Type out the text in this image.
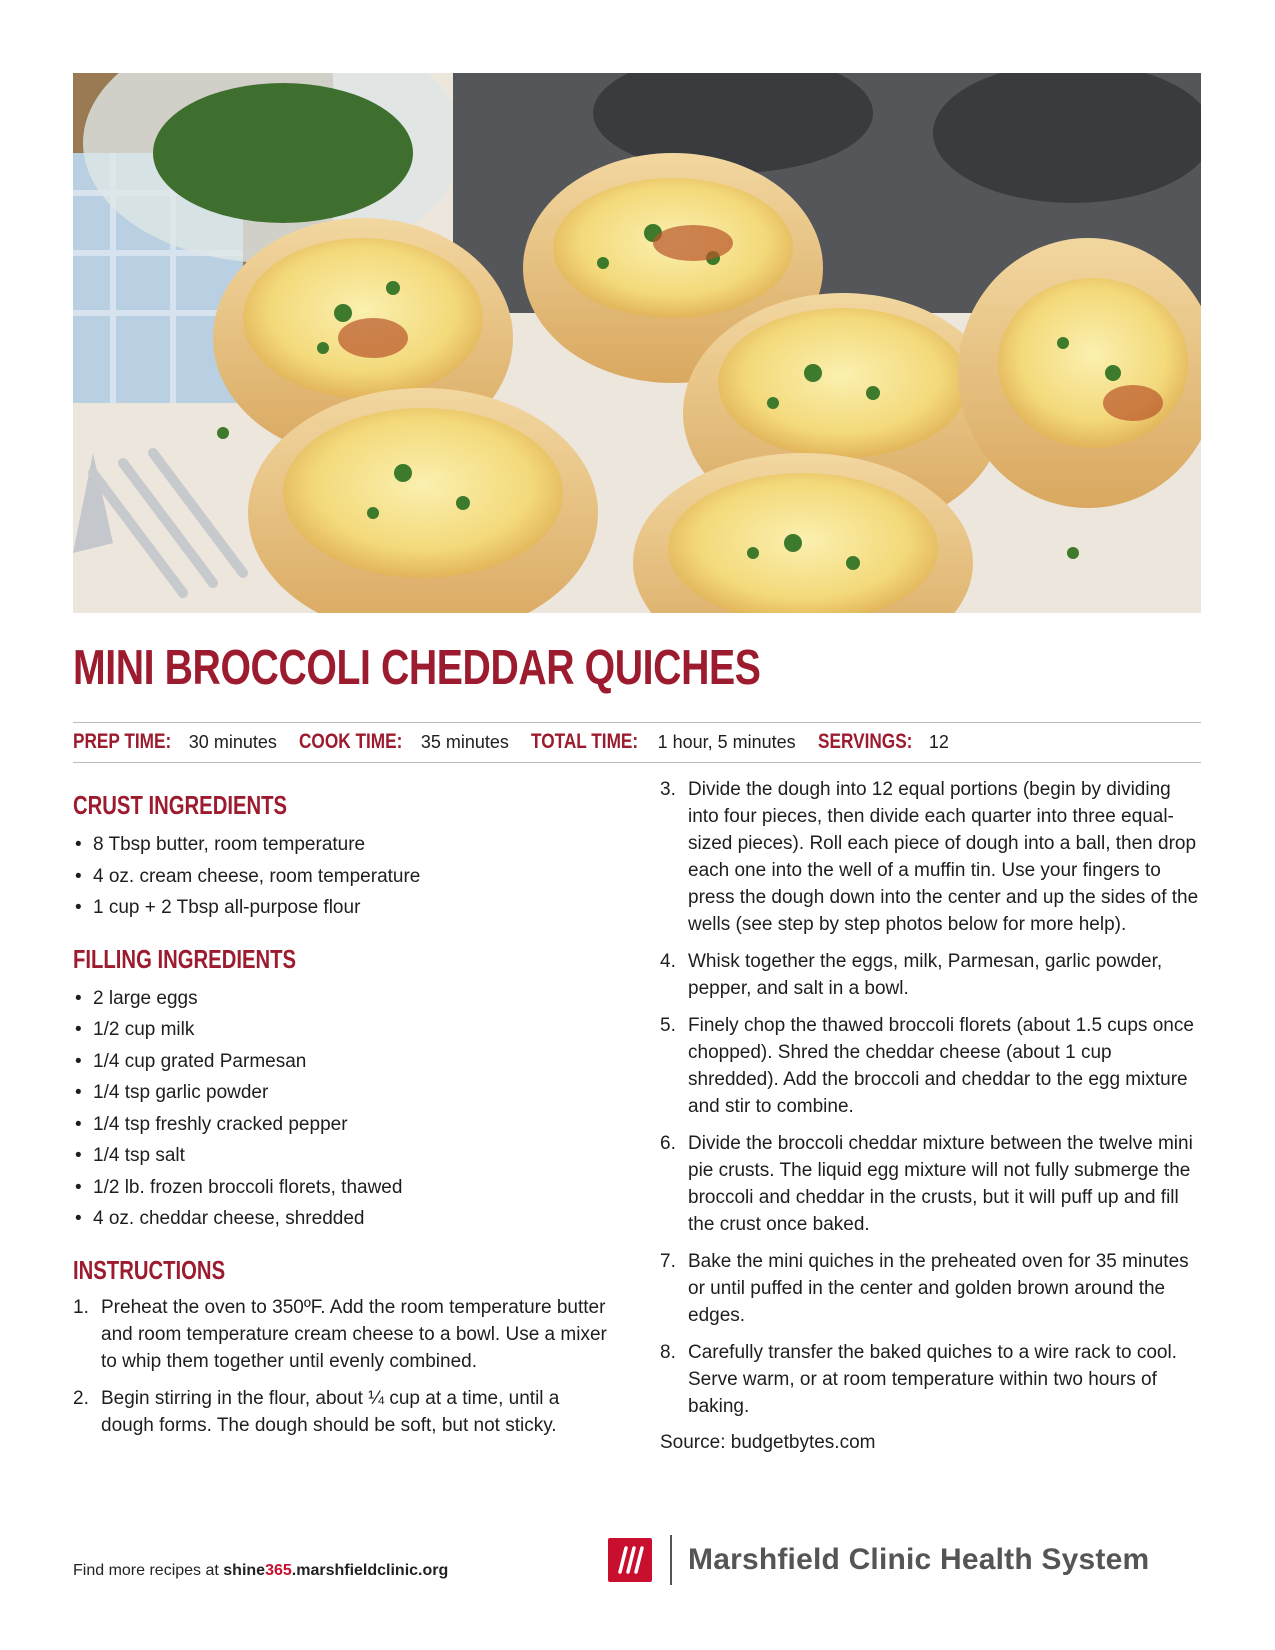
MINI BROCCOLI CHEDDAR QUICHES
PREP TIME: 30 minutes COOK TIME: 35 minutes TOTAL TIME: 1 hour, 5 minutes SERVINGS: 12
CRUST INGREDIENTS
• 8 Tbsp butter, room temperature
• 4 oz. cream cheese, room temperature
• 1 cup + 2 Tbsp all-purpose flour
FILLING INGREDIENTS
• 2 large eggs
• 1/2 cup milk
• 1/4 cup grated Parmesan
• 1/4 tsp garlic powder
• 1/4 tsp freshly cracked pepper
• 1/4 tsp salt
• 1/2 lb. frozen broccoli florets, thawed
• 4 oz. cheddar cheese, shredded
INSTRUCTIONS
1. Preheat the oven to 350ºF. Add the room temperature butter and room temperature cream cheese to a bowl. Use a mixer to whip them together until evenly combined.
2. Begin stirring in the flour, about ¼ cup at a time, until a dough forms. The dough should be soft, but not sticky.
3. Divide the dough into 12 equal portions (begin by dividing into four pieces, then divide each quarter into three equal-sized pieces). Roll each piece of dough into a ball, then drop each one into the well of a muffin tin. Use your fingers to press the dough down into the center and up the sides of the wells (see step by step photos below for more help).
4. Whisk together the eggs, milk, Parmesan, garlic powder, pepper, and salt in a bowl.
5. Finely chop the thawed broccoli florets (about 1.5 cups once chopped). Shred the cheddar cheese (about 1 cup shredded). Add the broccoli and cheddar to the egg mixture and stir to combine.
6. Divide the broccoli cheddar mixture between the twelve mini pie crusts. The liquid egg mixture will not fully submerge the broccoli and cheddar in the crusts, but it will puff up and fill the crust once baked.
7. Bake the mini quiches in the preheated oven for 35 minutes or until puffed in the center and golden brown around the edges.
8. Carefully transfer the baked quiches to a wire rack to cool. Serve warm, or at room temperature within two hours of baking.
Source: budgetbytes.com
Find more recipes at shine365.marshfieldclinic.org	Marshfield Clinic Health System
